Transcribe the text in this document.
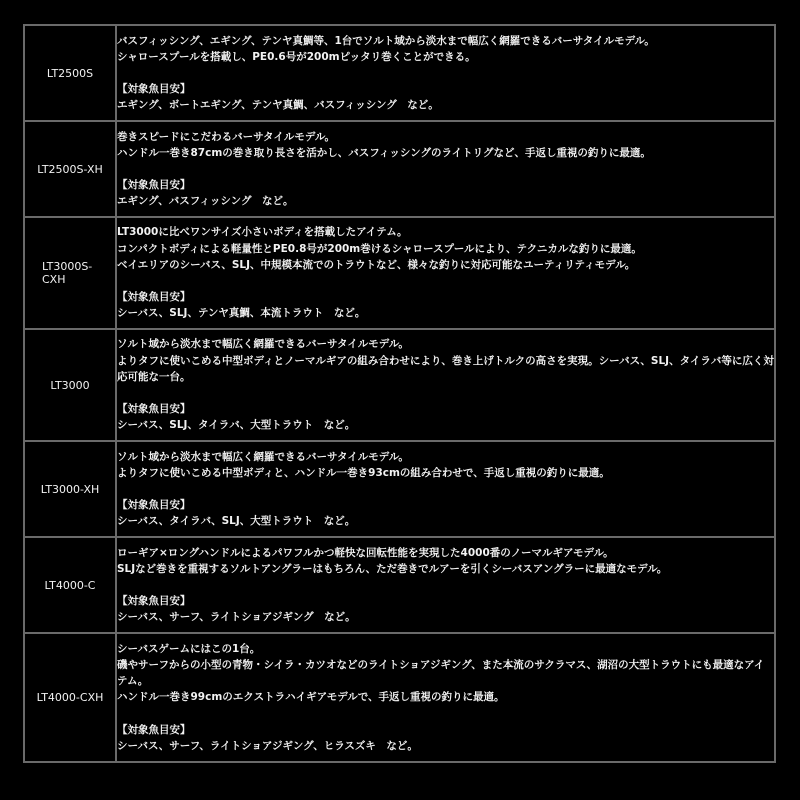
LT2500S	バスフィッシング、エギング、テンヤ真鯛等、1台でソルト域から淡水まで幅広く網羅できるバーサタイルモデル。
シャロースプールを搭載し、PE0.6号が200mピッタリ巻くことができる。
【対象魚目安】
エギング、ボートエギング、テンヤ真鯛、バスフィッシング　など。

LT2500S-XH	巻きスピードにこだわるバーサタイルモデル。
ハンドル一巻き87cmの巻き取り長さを活かし、バスフィッシングのライトリグなど、手返し重視の釣りに最適。
【対象魚目安】
エギング、バスフィッシング　など。

LT3000S-CXH	LT3000に比べワンサイズ小さいボディを搭載したアイテム。
コンパクトボディによる軽量性とPE0.8号が200m巻けるシャロースプールにより、テクニカルな釣りに最適。
ベイエリアのシーバス、SLJ、中規模本流でのトラウトなど、様々な釣りに対応可能なユーティリティモデル。
【対象魚目安】
シーバス、SLJ、テンヤ真鯛、本流トラウト　など。

LT3000	ソルト域から淡水まで幅広く網羅できるバーサタイルモデル。
よりタフに使いこめる中型ボディとノーマルギアの組み合わせにより、巻き上げトルクの高さを実現。シーバス、SLJ、タイラバ等に広く対応可能な一台。
【対象魚目安】
シーバス、SLJ、タイラバ、大型トラウト　など。

LT3000-XH	ソルト域から淡水まで幅広く網羅できるバーサタイルモデル。
よりタフに使いこめる中型ボディと、ハンドル一巻き93cmの組み合わせで、手返し重視の釣りに最適。
【対象魚目安】
シーバス、タイラバ、SLJ、大型トラウト　など。

LT4000-C	ローギア×ロングハンドルによるパワフルかつ軽快な回転性能を実現した4000番のノーマルギアモデル。
SLJなど巻きを重視するソルトアングラーはもちろん、ただ巻きでルアーを引くシーバスアングラーに最適なモデル。
【対象魚目安】
シーバス、サーフ、ライトショアジギング　など。

LT4000-CXH	シーバスゲームにはこの1台。
磯やサーフからの小型の青物・シイラ・カツオなどのライトショアジギング、また本流のサクラマス、湖沼の大型トラウトにも最適なアイテム。
ハンドル一巻き99cmのエクストラハイギアモデルで、手返し重視の釣りに最適。
【対象魚目安】
シーバス、サーフ、ライトショアジギング、ヒラスズキ　など。
